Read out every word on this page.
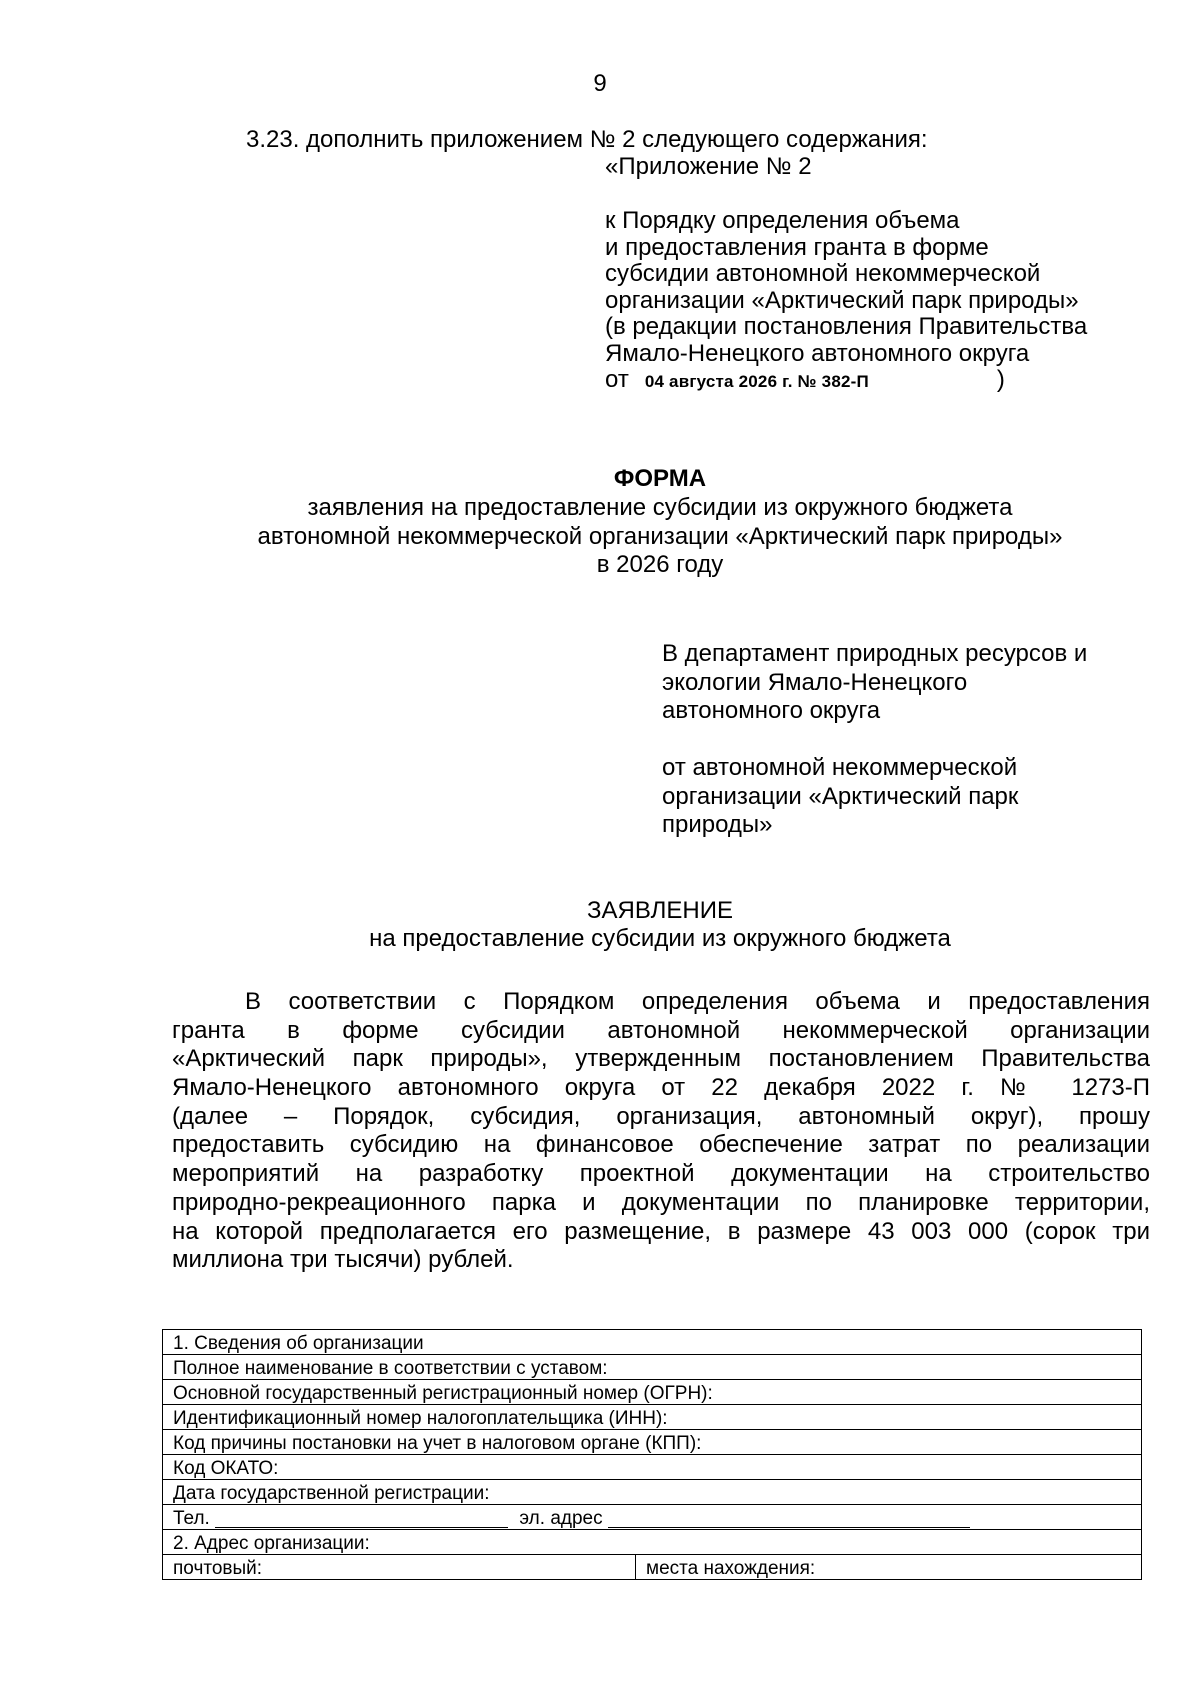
9
3.23. дополнить приложением № 2 следующего содержания:
«Приложение № 2
к Порядку определения объема
и предоставления гранта в форме
субсидии автономной некоммерческой
организации «Арктический парк природы»
(в редакции постановления Правительства
Ямало-Ненецкого автономного округа
от 04 августа 2026 г. № 382-П	)
ФОРМА
заявления на предоставление субсидии из окружного бюджета
автономной некоммерческой организации «Арктический парк природы»
в 2026 году
В департамент природных ресурсов и
экологии Ямало-Ненецкого
автономного округа
от автономной некоммерческой
организации «Арктический парк
природы»
ЗАЯВЛЕНИЕ
на предоставление субсидии из окружного бюджета
В соответствии с Порядком определения объема и предоставления
гранта в форме субсидии автономной некоммерческой организации
«Арктический парк природы», утвержденным постановлением Правительства
Ямало-Ненецкого автономного округа от 22 декабря 2022 г. № 1273-П
(далее – Порядок, субсидия, организация, автономный округ), прошу
предоставить субсидию на финансовое обеспечение затрат по реализации
мероприятий на разработку проектной документации на строительство
природно-рекреационного парка и документации по планировке территории,
на которой предполагается его размещение, в размере 43 003 000 (сорок три
миллиона три тысячи) рублей.
1. Сведения об организации
Полное наименование в соответствии с уставом:
Основной государственный регистрационный номер (ОГРН):
Идентификационный номер налогоплательщика (ИНН):
Код причины постановки на учет в налоговом органе (КПП):
Код ОКАТО:
Дата государственной регистрации:
Тел.	эл. адрес
2. Адрес организации:
почтовый:	места нахождения:
